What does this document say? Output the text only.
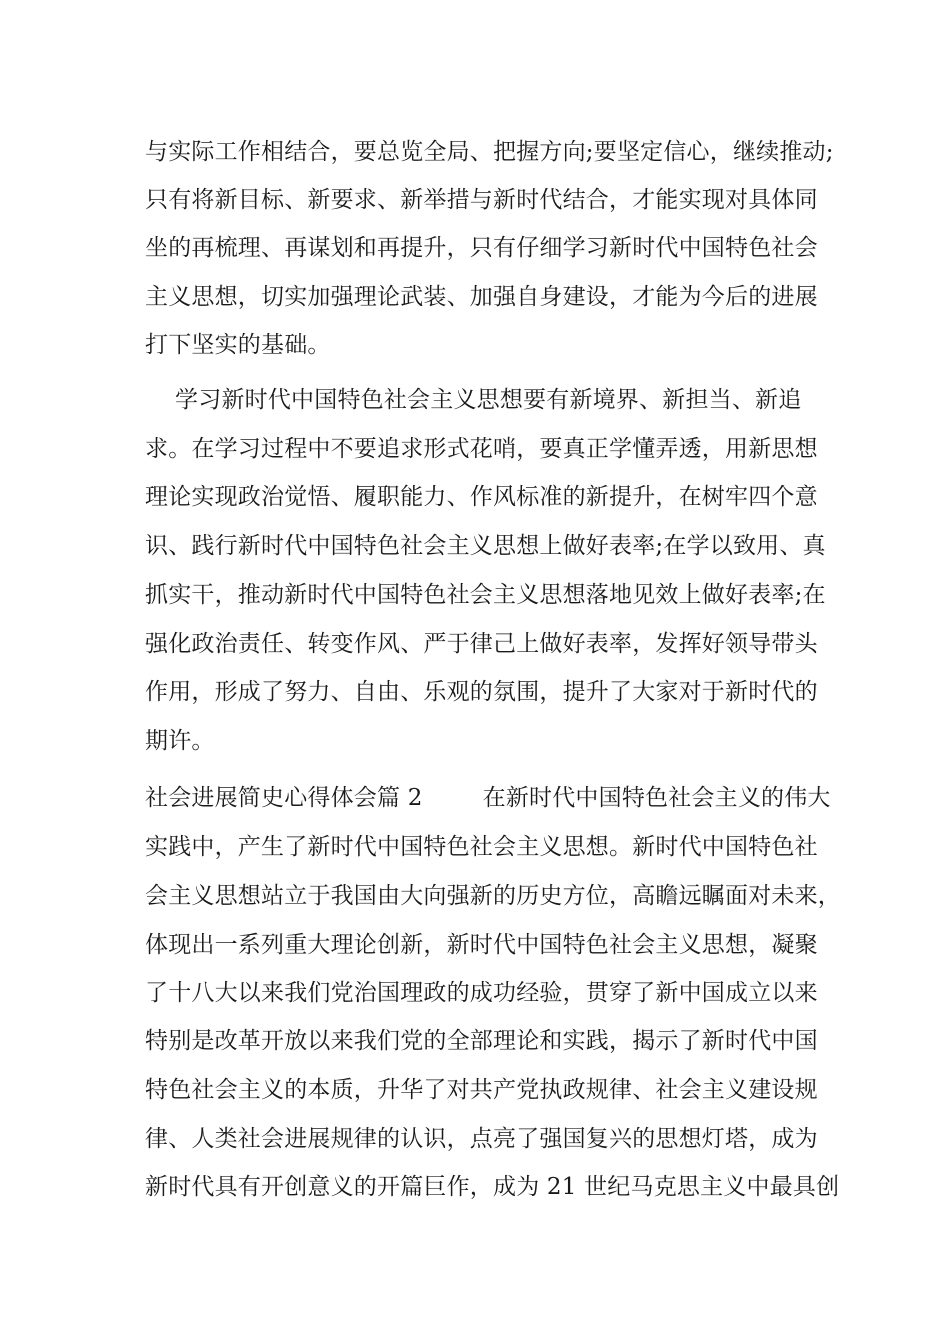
与实际工作相结合，要总览全局、把握方向;要坚定信心，继续推动;
只有将新目标、新要求、新举措与新时代结合，才能实现对具体同
坐的再梳理、再谋划和再提升，只有仔细学习新时代中国特色社会
主义思想，切实加强理论武装、加强自身建设，才能为今后的进展
打下坚实的基础。
学习新时代中国特色社会主义思想要有新境界、新担当、新追
求。在学习过程中不要追求形式花哨，要真正学懂弄透，用新思想
理论实现政治觉悟、履职能力、作风标准的新提升，在树牢四个意
识、践行新时代中国特色社会主义思想上做好表率;在学以致用、真
抓实干，推动新时代中国特色社会主义思想落地见效上做好表率;在
强化政治责任、转变作风、严于律己上做好表率，发挥好领导带头
作用，形成了努力、自由、乐观的氛围，提升了大家对于新时代的
期许。
社会进展简史心得体会篇 2        在新时代中国特色社会主义的伟大
实践中，产生了新时代中国特色社会主义思想。新时代中国特色社
会主义思想站立于我国由大向强新的历史方位，高瞻远瞩面对未来，
体现出一系列重大理论创新，新时代中国特色社会主义思想，凝聚
了十八大以来我们党治国理政的成功经验，贯穿了新中国成立以来
特别是改革开放以来我们党的全部理论和实践，揭示了新时代中国
特色社会主义的本质，升华了对共产党执政规律、社会主义建设规
律、人类社会进展规律的认识，点亮了强国复兴的思想灯塔，成为
新时代具有开创意义的开篇巨作，成为 21 世纪马克思主义中最具创
